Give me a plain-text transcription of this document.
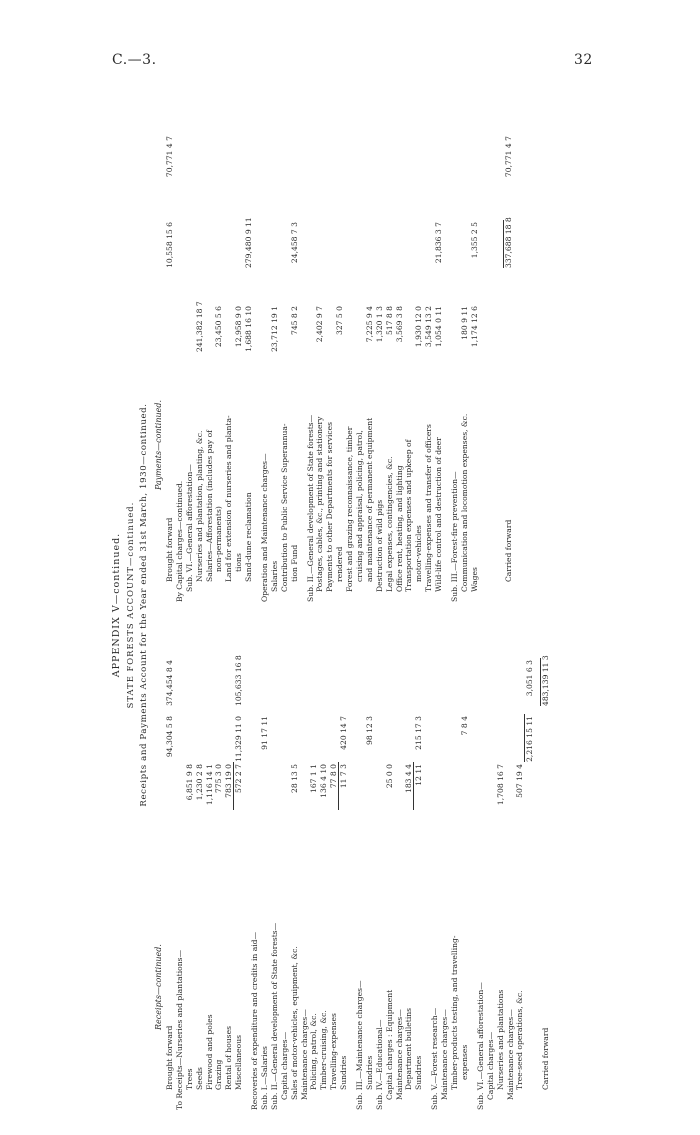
C.—3.	32
APPENDIX V—continued. STATE FORESTS ACCOUNT—continued. Receipts and Payments Account for the Year ended 31st March, 1930—continued.
Receipts—continued.
Payments—continued.
Brought forward
94,304 5 8
374,454 8 4
To Receipts—Nurseries and plantations— Trees
6,851 9 8
Seeds
1,230 2 8
Firewood and poles
1,116 14 1
Grazing
775 3 0
Rental of houses
783 19 0
Miscellaneous
572 2 7
11,329 11 0
105,633 16 8
Recoveries of expenditure and credits in aid— Sub. I.—Salaries
91 17 11
Sub. II.—General development of State forests— Capital charges— Sales of motor-vehicles, equipment, &c.
28 13 5
Maintenance charges— Policing, patrol, &c.
167 1 1
Timber-cruising, &c.
136 4 10
Travelling-expenses
77 8 0
Sundries
11 7 3
420 14 7
Sub. III.—Maintenance charges— Sundries
98 12 3
Sub. IV.—Educational— Capital charges : Equipment
25 0 0
Maintenance charges— Department bulletins
183 4 4
Sundries
12 11
215 17 3
Sub. V.—Forest research— Maintenance charges— Timber-products testing, and travelling- expenses
7 8 4
Sub. VI.—General afforestation— Capital charges— Nurseries and plantations
1,708 16 7
Maintenance charges— Tree-seed operations, &c.
507 19 4
2,216 15 11
3,051 6 3
Carried forward
483,139 11 3
Brought forward
10,558 15 6
70,771 4 7
By Capital charges—continued. Sub. VI.—General afforestation— Nurseries and plantation, planting, &c.
241,382 18 7
Salaries—Afforestation (includes pay of non-permanents)
23,450 5 6
Land for extension of nurseries and planta- tions
12,958 9 0
Sand-dune reclamation
1,688 16 10
279,480 9 11
Operation and Maintenance charges— Salaries
23,712 19 1
Contribution to Public Service Superannua- tion Fund
745 8 2
24,458 7 3
Sub. II.—General development of State forests— Postages, cables, &c., printing and stationery
2,402 9 7
Payments to other Departments for services rendered
327 5 0
Forest and grazing reconnaissance, timber cruising and appraisal, policing, patrol, and maintenance of permanent equipment
7,225 9 4
Destruction of wild pigs
1,320 1 3
Legal expenses, contingencies, &c.
517 8 8
Office rent, heating, and lighting
3,569 3 8
Transportation expenses and upkeep of motor-vehicles
1,930 12 0
Travelling-expenses and transfer of officers
3,549 13 2
Wild-life control and destruction of deer
1,054 0 11
21,836 3 7
Sub. III.—Forest-fire prevention— Communication and locomotion expenses, &c.
180 9 11
Wages
1,174 12 6
1,355 2 5
Carried forward
337,688 18 8
70,771 4 7
